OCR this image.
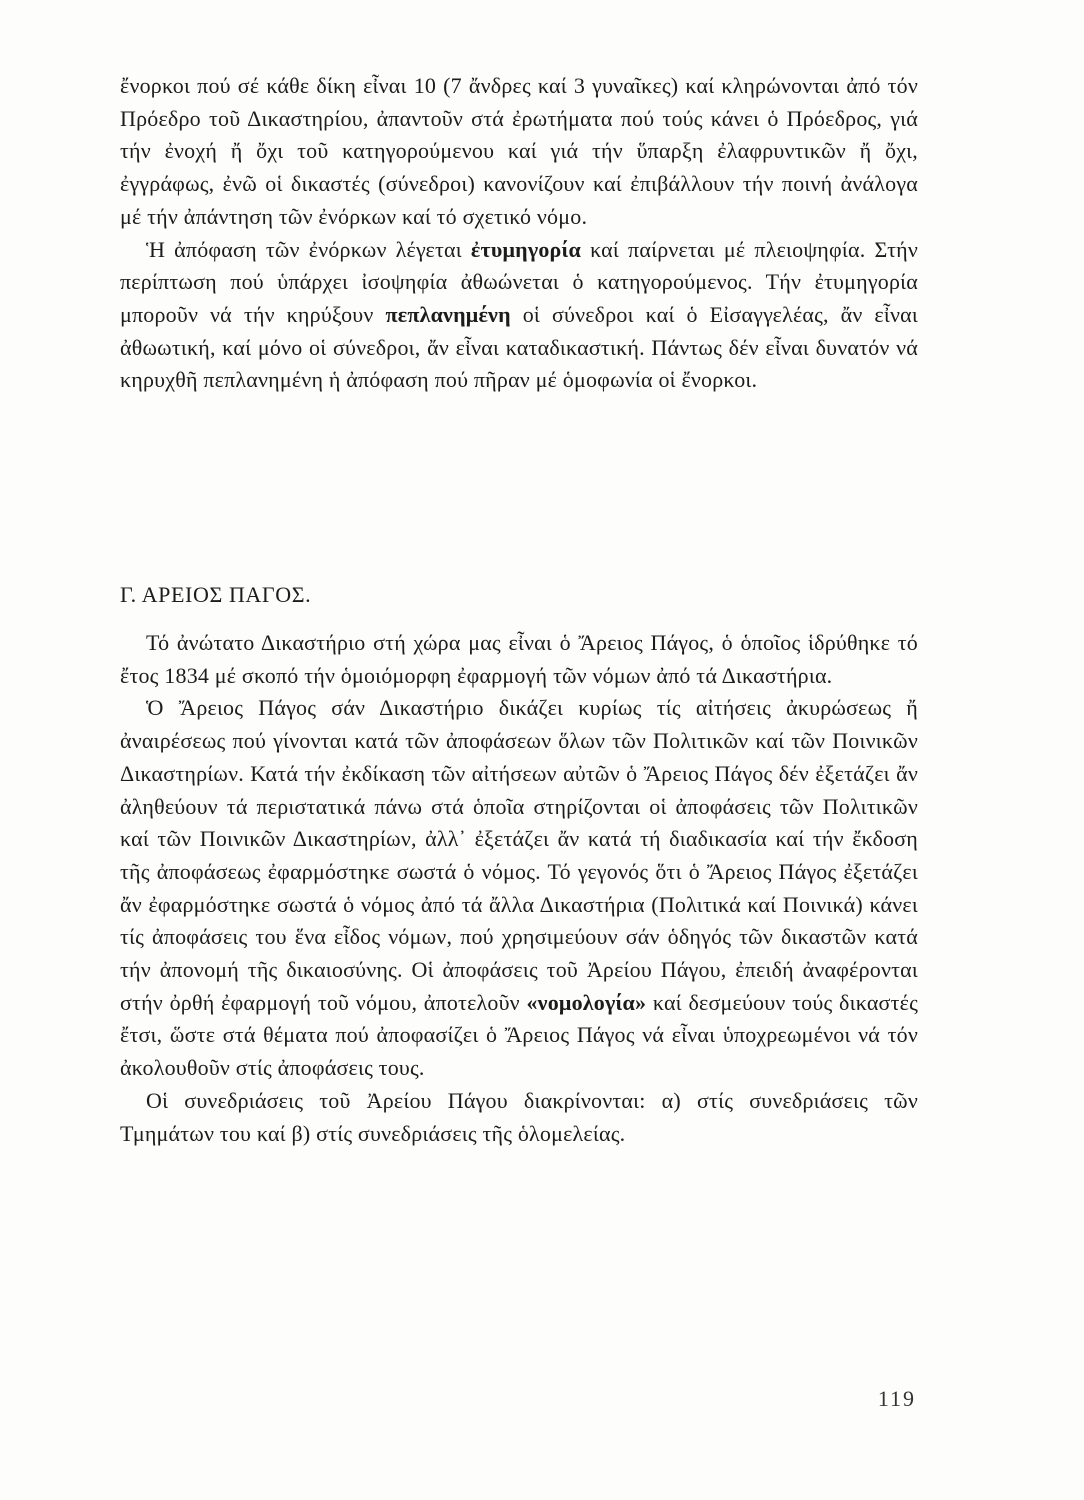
ἔνορκοι πού σέ κάθε δίκη εἶναι 10 (7 ἄνδρες καί 3 γυναῖκες) καί κληρώνονται ἀπό τόν Πρόεδρο τοῦ Δικαστηρίου, ἀπαντοῦν στά ἐρωτήματα πού τούς κάνει ὁ Πρόεδρος, γιά τήν ἐνοχή ἤ ὄχι τοῦ κατηγορούμενου καί γιά τήν ὕπαρξη ἐλαφρυντικῶν ἤ ὄχι, ἐγγράφως, ἐνῶ οἱ δικαστές (σύνεδροι) κανονίζουν καί ἐπιβάλλουν τήν ποινή ἀνάλογα μέ τήν ἀπάντηση τῶν ἐνόρκων καί τό σχετικό νόμο.

Ἡ ἀπόφαση τῶν ἐνόρκων λέγεται ἐτυμηγορία καί παίρνεται μέ πλειοψηφία. Στήν περίπτωση πού ὑπάρχει ἰσοψηφία ἀθωώνεται ὁ κατηγορούμενος. Τήν ἐτυμηγορία μποροῦν νά τήν κηρύξουν πεπλανημένη οἱ σύνεδροι καί ὁ Εἰσαγγελέας, ἄν εἶναι ἀθωωτική, καί μόνο οἱ σύνεδροι, ἄν εἶναι καταδικαστική. Πάντως δέν εἶναι δυνατόν νά κηρυχθῆ πεπλανημένη ἡ ἀπόφαση πού πῆραν μέ ὁμοφωνία οἱ ἔνορκοι.

Γ. ΑΡΕΙΟΣ ΠΑΓΟΣ.

Τό ἀνώτατο Δικαστήριο στή χώρα μας εἶναι ὁ Ἄρειος Πάγος, ὁ ὁποῖος ἱδρύθηκε τό ἔτος 1834 μέ σκοπό τήν ὁμοιόμορφη ἐφαρμογή τῶν νόμων ἀπό τά Δικαστήρια.

Ὁ Ἄρειος Πάγος σάν Δικαστήριο δικάζει κυρίως τίς αἰτήσεις ἀκυρώσεως ἤ ἀναιρέσεως πού γίνονται κατά τῶν ἀποφάσεων ὅλων τῶν Πολιτικῶν καί τῶν Ποινικῶν Δικαστηρίων. Κατά τήν ἐκδίκαση τῶν αἰτήσεων αὐτῶν ὁ Ἄρειος Πάγος δέν ἐξετάζει ἄν ἀληθεύουν τά περιστατικά πάνω στά ὁποῖα στηρίζονται οἱ ἀποφάσεις τῶν Πολιτικῶν καί τῶν Ποινικῶν Δικαστηρίων, ἀλλ᾽ ἐξετάζει ἄν κατά τή διαδικασία καί τήν ἔκδοση τῆς ἀποφάσεως ἐφαρμόστηκε σωστά ὁ νόμος. Τό γεγονός ὅτι ὁ Ἄρειος Πάγος ἐξετάζει ἄν ἐφαρμόστηκε σωστά ὁ νόμος ἀπό τά ἄλλα Δικαστήρια (Πολιτικά καί Ποινικά) κάνει τίς ἀποφάσεις του ἕνα εἶδος νόμων, πού χρησιμεύουν σάν ὁδηγός τῶν δικαστῶν κατά τήν ἀπονομή τῆς δικαιοσύνης. Οἱ ἀποφάσεις τοῦ Ἀρείου Πάγου, ἐπειδή ἀναφέρονται στήν ὀρθή ἐφαρμογή τοῦ νόμου, ἀποτελοῦν «νομολογία» καί δεσμεύουν τούς δικαστές ἔτσι, ὥστε στά θέματα πού ἀποφασίζει ὁ Ἄρειος Πάγος νά εἶναι ὑποχρεωμένοι νά τόν ἀκολουθοῦν στίς ἀποφάσεις τους.

Οἱ συνεδριάσεις τοῦ Ἀρείου Πάγου διακρίνονται: α) στίς συνεδριάσεις τῶν Τμημάτων του καί β) στίς συνεδριάσεις τῆς ὁλομελείας.

119
